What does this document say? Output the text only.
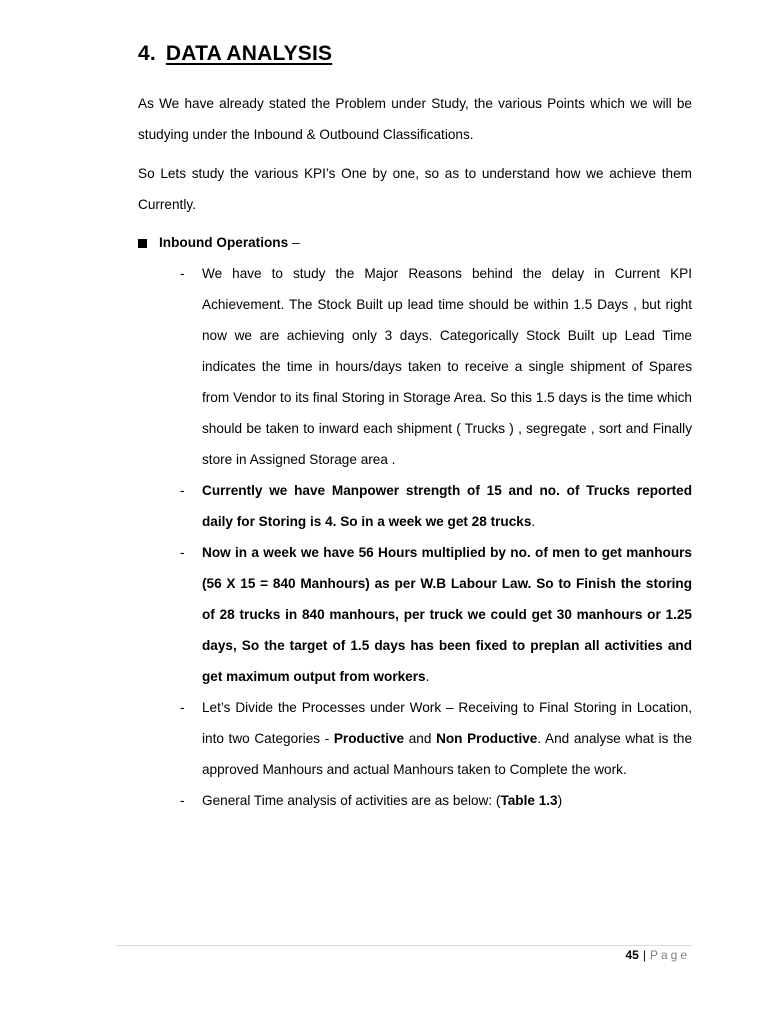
4. DATA ANALYSIS
As We have already stated the Problem under Study, the various Points which we will be studying under the Inbound & Outbound Classifications.
So Lets study the various KPI’s One by one, so as to understand how we achieve them Currently.
Inbound Operations –
- We have to study the Major Reasons behind the delay in Current KPI Achievement. The Stock Built up lead time should be within 1.5 Days , but right now we are achieving only 3 days. Categorically Stock Built up Lead Time indicates the time in hours/days taken to receive a single shipment of Spares from Vendor to its final Storing in Storage Area. So this 1.5 days is the time which should be taken to inward each shipment ( Trucks ) , segregate , sort and Finally store in Assigned Storage area .
- Currently we have Manpower strength of 15 and no. of Trucks reported daily for Storing is 4. So in a week we get 28 trucks.
- Now in a week we have 56 Hours multiplied by no. of men to get manhours (56 X 15 = 840 Manhours) as per W.B Labour Law. So to Finish the storing of 28 trucks in 840 manhours, per truck we could get 30 manhours or 1.25 days, So the target of 1.5 days has been fixed to preplan all activities and get maximum output from workers.
- Let’s Divide the Processes under Work – Receiving to Final Storing in Location, into two Categories - Productive and Non Productive. And analyse what is the approved Manhours and actual Manhours taken to Complete the work.
- General Time analysis of activities are as below: (Table 1.3)
45 | Page
